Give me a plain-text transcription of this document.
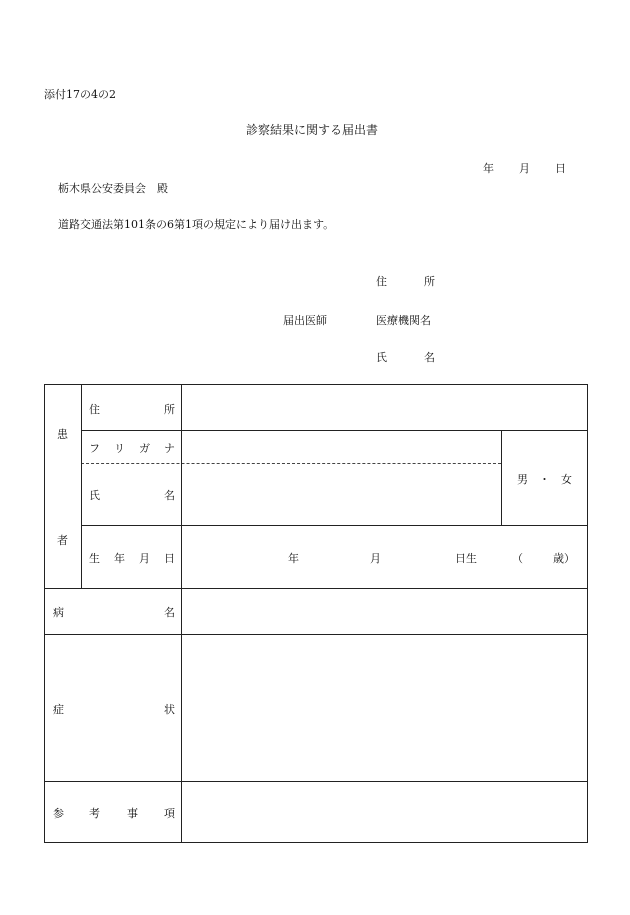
添付17の4の2
診察結果に関する届出書
年 月 日
栃木県公安委員会　殿
道路交通法第101条の6第1項の規定により届け出ます。
住	所
届出医師	医療機関名
氏	名
患
者
住	所
フ リ ガ ナ
氏	名
男　・　女
生 年 月 日	年	月	日生	（	歳）
病	名
症	状
参 考 事 項
